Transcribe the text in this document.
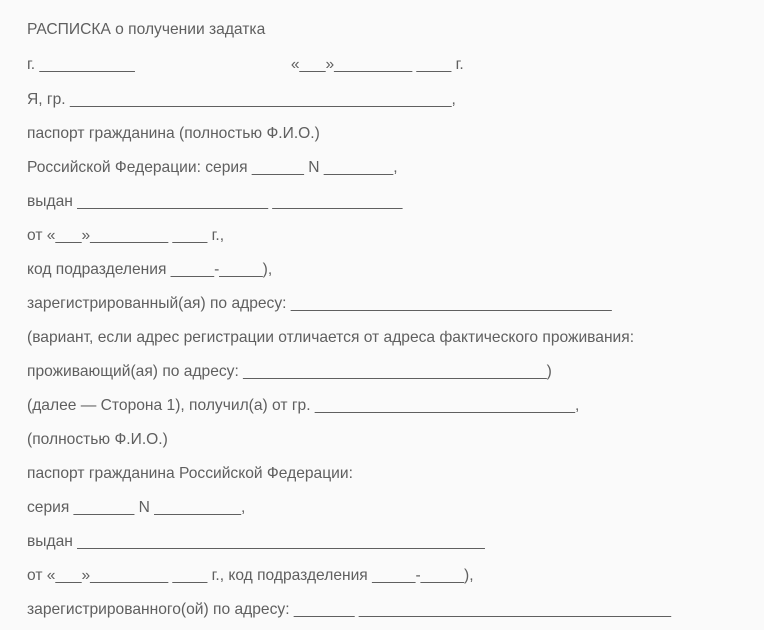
РАСПИСКА о получении задатка
г. ___________                                    «___»_________ ____ г.
Я, гр. ____________________________________________,
паспорт гражданина (полностью Ф.И.О.)
Российской Федерации: серия ______ N ________,
выдан ______________________ _______________
от «___»_________ ____ г.,
код подразделения _____-_____),
зарегистрированный(ая) по адресу: _____________________________________
(вариант, если адрес регистрации отличается от адреса фактического проживания:
проживающий(ая) по адресу: ___________________________________)
(далее — Сторона 1), получил(а) от гр. ______________________________,
(полностью Ф.И.О.)
паспорт гражданина Российской Федерации:
серия _______ N __________,
выдан _______________________________________________
от «___»_________ ____ г., код подразделения _____-_____),
зарегистрированного(ой) по адресу: _______ ____________________________________
